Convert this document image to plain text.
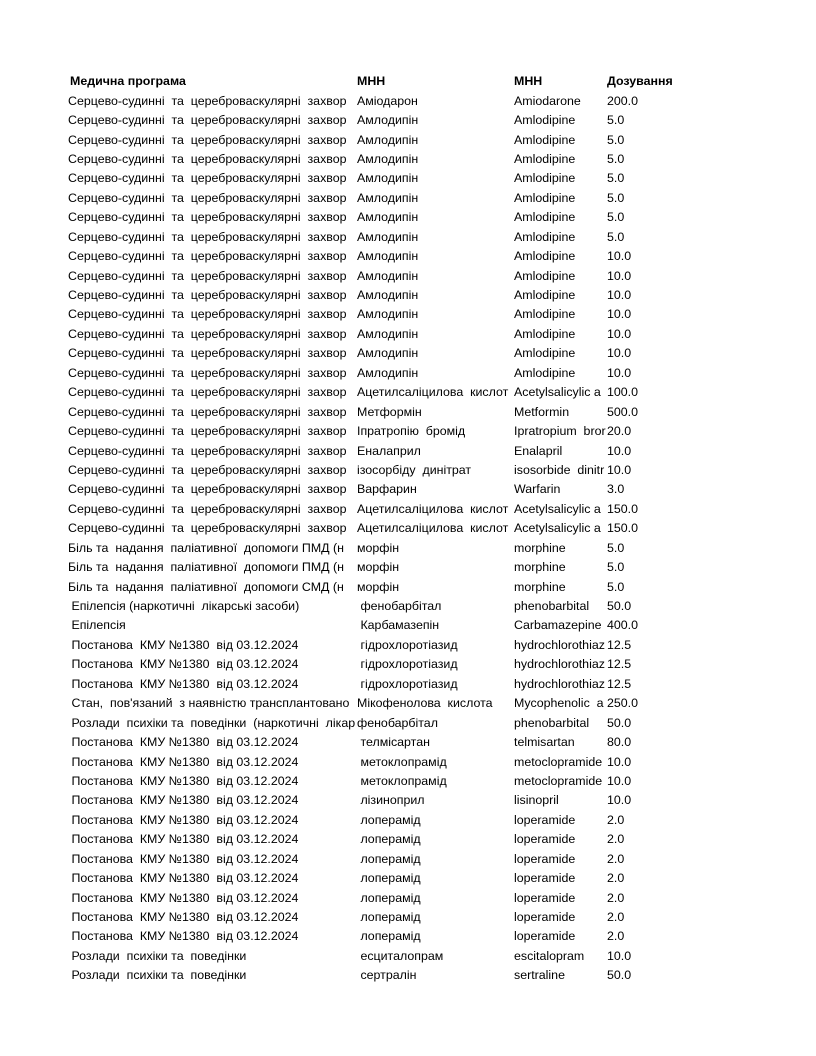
Медична програма	МНН	МНН	Дозування
Серцево-судинні  та  цереброваскулярні  захвор	Аміодарон	Amiodarone	200.0
Серцево-судинні  та  цереброваскулярні  захвор	Амлодипін	Amlodipine	5.0
Серцево-судинні  та  цереброваскулярні  захвор	Амлодипін	Amlodipine	5.0
Серцево-судинні  та  цереброваскулярні  захвор	Амлодипін	Amlodipine	5.0
Серцево-судинні  та  цереброваскулярні  захвор	Амлодипін	Amlodipine	5.0
Серцево-судинні  та  цереброваскулярні  захвор	Амлодипін	Amlodipine	5.0
Серцево-судинні  та  цереброваскулярні  захвор	Амлодипін	Amlodipine	5.0
Серцево-судинні  та  цереброваскулярні  захвор	Амлодипін	Amlodipine	5.0
Серцево-судинні  та  цереброваскулярні  захвор	Амлодипін	Amlodipine	10.0
Серцево-судинні  та  цереброваскулярні  захвор	Амлодипін	Amlodipine	10.0
Серцево-судинні  та  цереброваскулярні  захвор	Амлодипін	Amlodipine	10.0
Серцево-судинні  та  цереброваскулярні  захвор	Амлодипін	Amlodipine	10.0
Серцево-судинні  та  цереброваскулярні  захвор	Амлодипін	Amlodipine	10.0
Серцево-судинні  та  цереброваскулярні  захвор	Амлодипін	Amlodipine	10.0
Серцево-судинні  та  цереброваскулярні  захвор	Амлодипін	Amlodipine	10.0
Серцево-судинні  та  цереброваскулярні  захвор	Ацетилсаліцилова  кислот	Acetylsalicylic a	100.0
Серцево-судинні  та  цереброваскулярні  захвор	Метформін	Metformin	500.0
Серцево-судинні  та  цереброваскулярні  захвор	Іпратропію  бромід	Ipratropium  bror	20.0
Серцево-судинні  та  цереброваскулярні  захвор	Еналаприл	Enalapril	10.0
Серцево-судинні  та  цереброваскулярні  захвор	ізосорбіду  динітрат	isosorbide  dinitr	10.0
Серцево-судинні  та  цереброваскулярні  захвор	Варфарин	Warfarin	3.0
Серцево-судинні  та  цереброваскулярні  захвор	Ацетилсаліцилова  кислот	Acetylsalicylic a	150.0
Серцево-судинні  та  цереброваскулярні  захвор	Ацетилсаліцилова  кислот	Acetylsalicylic a	150.0
Біль та  надання  паліативної  допомоги ПМД (н	морфін	morphine	5.0
Біль та  надання  паліативної  допомоги ПМД (н	морфін	morphine	5.0
Біль та  надання  паліативної  допомоги СМД (н	морфін	morphine	5.0
Епілепсія (наркотичні  лікарські засоби)	фенобарбітал	phenobarbital	50.0
Епілепсія	Карбамазепін	Carbamazepine	400.0
Постанова  КМУ №1380  від 03.12.2024	гідрохлоротіазид	hydrochlorothiaz	12.5
Постанова  КМУ №1380  від 03.12.2024	гідрохлоротіазид	hydrochlorothiaz	12.5
Постанова  КМУ №1380  від 03.12.2024	гідрохлоротіазид	hydrochlorothiaz	12.5
Стан,  пов'язаний  з наявністю трансплантовано	Мікофенолова  кислота	Mycophenolic  a	250.0
Розлади  психіки та  поведінки  (наркотичні  лікар	фенобарбітал	phenobarbital	50.0
Постанова  КМУ №1380  від 03.12.2024	телмісартан	telmisartan	80.0
Постанова  КМУ №1380  від 03.12.2024	метоклопрамід	metoclopramide	10.0
Постанова  КМУ №1380  від 03.12.2024	метоклопрамід	metoclopramide	10.0
Постанова  КМУ №1380  від 03.12.2024	лізиноприл	lisinopril	10.0
Постанова  КМУ №1380  від 03.12.2024	лоперамід	loperamide	2.0
Постанова  КМУ №1380  від 03.12.2024	лоперамід	loperamide	2.0
Постанова  КМУ №1380  від 03.12.2024	лоперамід	loperamide	2.0
Постанова  КМУ №1380  від 03.12.2024	лоперамід	loperamide	2.0
Постанова  КМУ №1380  від 03.12.2024	лоперамід	loperamide	2.0
Постанова  КМУ №1380  від 03.12.2024	лоперамід	loperamide	2.0
Постанова  КМУ №1380  від 03.12.2024	лоперамід	loperamide	2.0
Розлади  психіки та  поведінки	есциталопрам	escitalopram	10.0
Розлади  психіки та  поведінки	сертралін	sertraline	50.0
